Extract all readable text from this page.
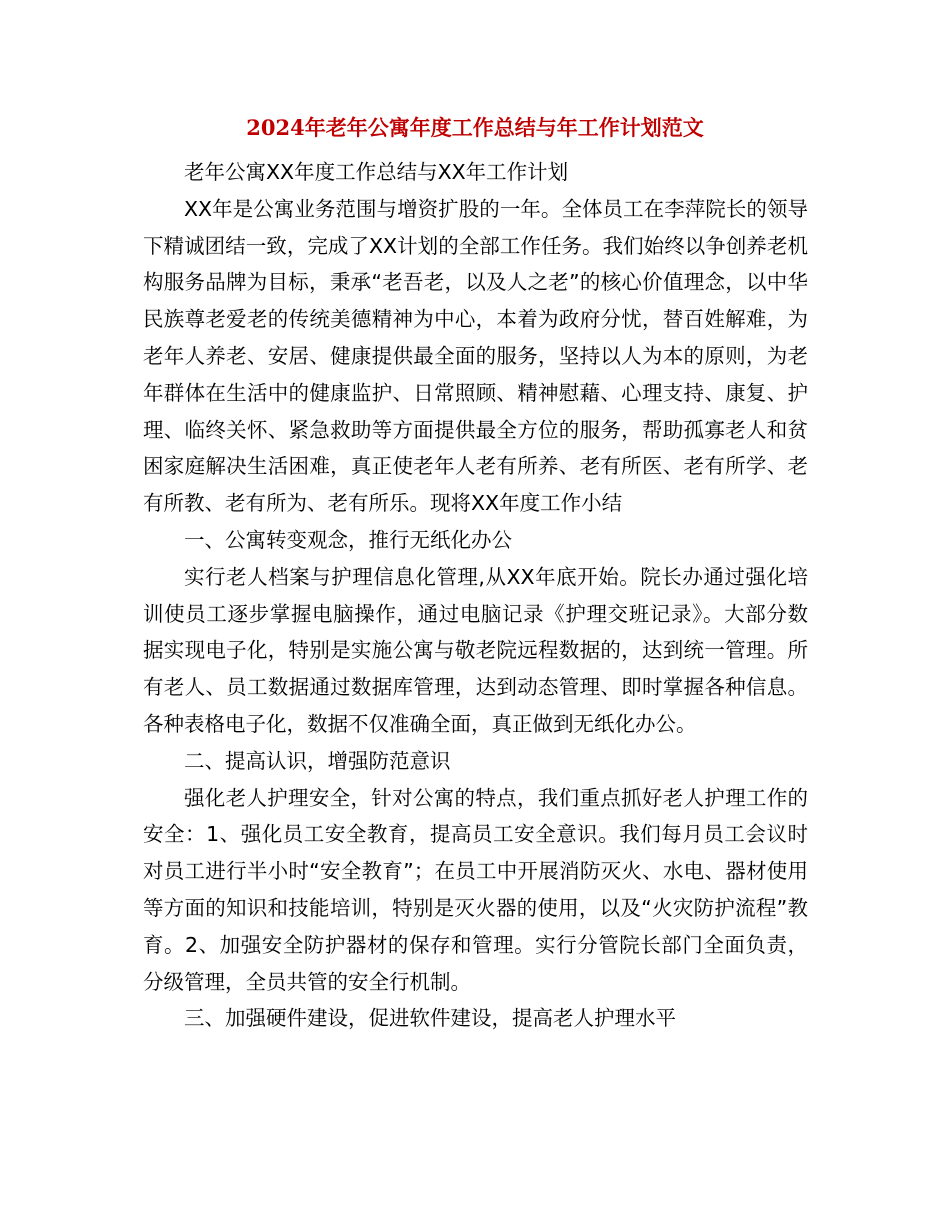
2024年老年公寓年度工作总结与年工作计划范文

老年公寓XX年度工作总结与XX年工作计划

XX年是公寓业务范围与增资扩股的一年。全体员工在李萍院长的领导下精诚团结一致，完成了XX计划的全部工作任务。我们始终以争创养老机构服务品牌为目标，秉承“老吾老，以及人之老”的核心价值理念，以中华民族尊老爱老的传统美德精神为中心，本着为政府分忧，替百姓解难，为老年人养老、安居、健康提供最全面的服务，坚持以人为本的原则，为老年群体在生活中的健康监护、日常照顾、精神慰藉、心理支持、康复、护理、临终关怀、紧急救助等方面提供最全方位的服务，帮助孤寡老人和贫困家庭解决生活困难，真正使老年人老有所养、老有所医、老有所学、老有所教、老有所为、老有所乐。现将XX年度工作小结

一、公寓转变观念，推行无纸化办公

实行老人档案与护理信息化管理,从XX年底开始。院长办通过强化培训使员工逐步掌握电脑操作，通过电脑记录《护理交班记录》。大部分数据实现电子化，特别是实施公寓与敬老院远程数据的，达到统一管理。所有老人、员工数据通过数据库管理，达到动态管理、即时掌握各种信息。各种表格电子化，数据不仅准确全面，真正做到无纸化办公。

二、提高认识，增强防范意识

强化老人护理安全，针对公寓的特点，我们重点抓好老人护理工作的安全：1、强化员工安全教育，提高员工安全意识。我们每月员工会议时对员工进行半小时“安全教育”；在员工中开展消防灭火、水电、器材使用等方面的知识和技能培训，特别是灭火器的使用，以及“火灾防护流程”教育。2、加强安全防护器材的保存和管理。实行分管院长部门全面负责，分级管理，全员共管的安全行机制。

三、加强硬件建设，促进软件建设，提高老人护理水平
